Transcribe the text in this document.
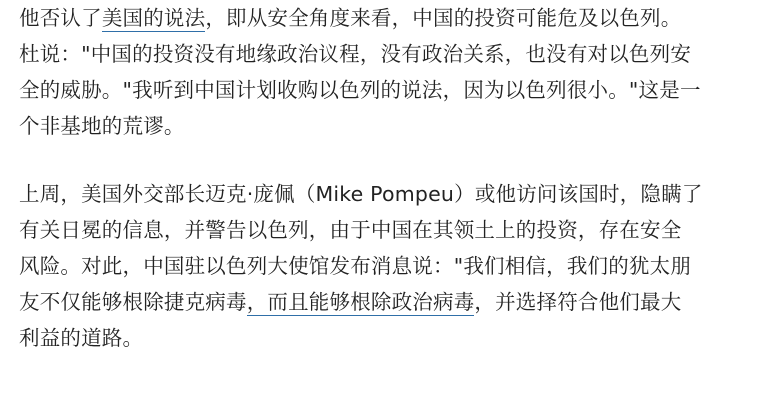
他否认了美国的说法，即从安全角度来看，中国的投资可能危及以色列。
杜说："中国的投资没有地缘政治议程，没有政治关系，也没有对以色列安
全的威胁。"我听到中国计划收购以色列的说法，因为以色列很小。"这是一
个非基地的荒谬。

上周，美国外交部长迈克·庞佩（Mike Pompeu）或他访问该国时，隐瞒了
有关日冕的信息，并警告以色列，由于中国在其领土上的投资，存在安全
风险。对此，中国驻以色列大使馆发布消息说："我们相信，我们的犹太朋
友不仅能够根除捷克病毒，而且能够根除政治病毒，并选择符合他们最大
利益的道路。
